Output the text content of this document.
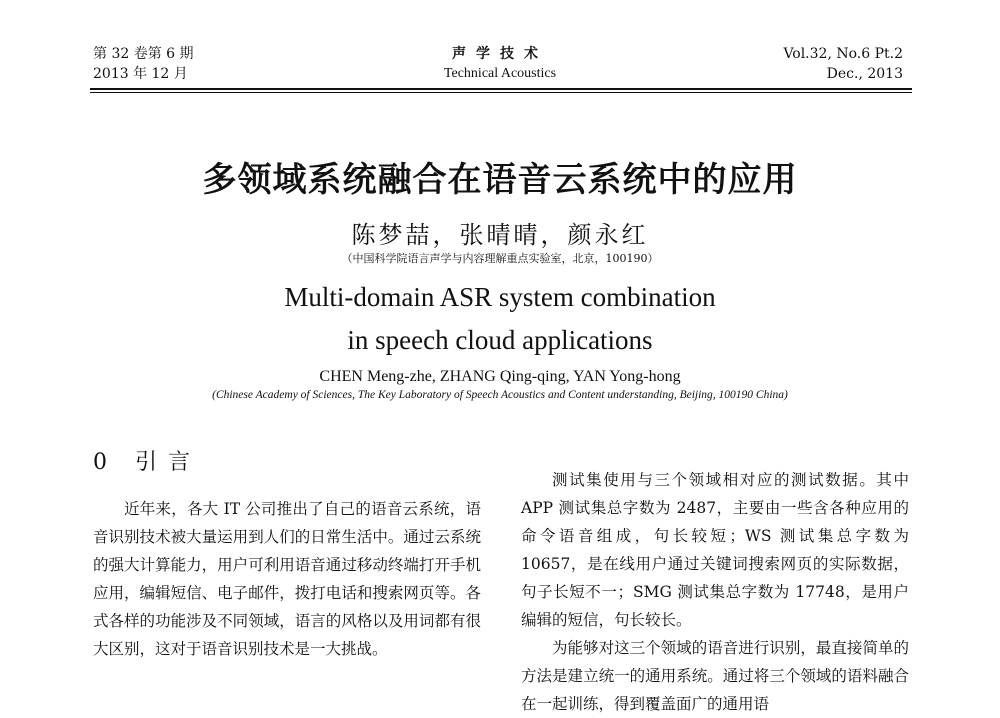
第 32 卷第 6 期
2013 年 12 月
声学技术
Technical Acoustics
Vol.32, No.6 Pt.2
Dec., 2013
多领域系统融合在语音云系统中的应用
陈梦喆，张晴晴，颜永红
（中国科学院语言声学与内容理解重点实验室，北京，100190）
Multi-domain ASR system combination
in speech cloud applications
CHEN Meng-zhe, ZHANG Qing-qing, YAN Yong-hong
(Chinese Academy of Sciences, The Key Laboratory of Speech Acoustics and Content understanding, Beijing, 100190 China)
0 引 言

近年来，各大 IT 公司推出了自己的语音云系统，语音识别技术被大量运用到人们的日常生活中。通过云系统的强大计算能力，用户可利用语音通过移动终端打开手机应用，编辑短信、电子邮件，拨打电话和搜索网页等。各式各样的功能涉及不同领域，语言的风格以及用词都有很大区别，这对于语音识别技术是一大挑战。

测试集使用与三个领域相对应的测试数据。其中 APP 测试集总字数为 2487，主要由一些含各种应用的命令语音组成，句长较短；WS 测试集总字数为 10657，是在线用户通过关键词搜索网页的实际数据，句子长短不一；SMG 测试集总字数为 17748，是用户编辑的短信，句长较长。

为能够对这三个领域的语音进行识别，最直接简单的方法是建立统一的通用系统。通过将三个领域的语料融合在一起训练，得到覆盖面广的通用语
